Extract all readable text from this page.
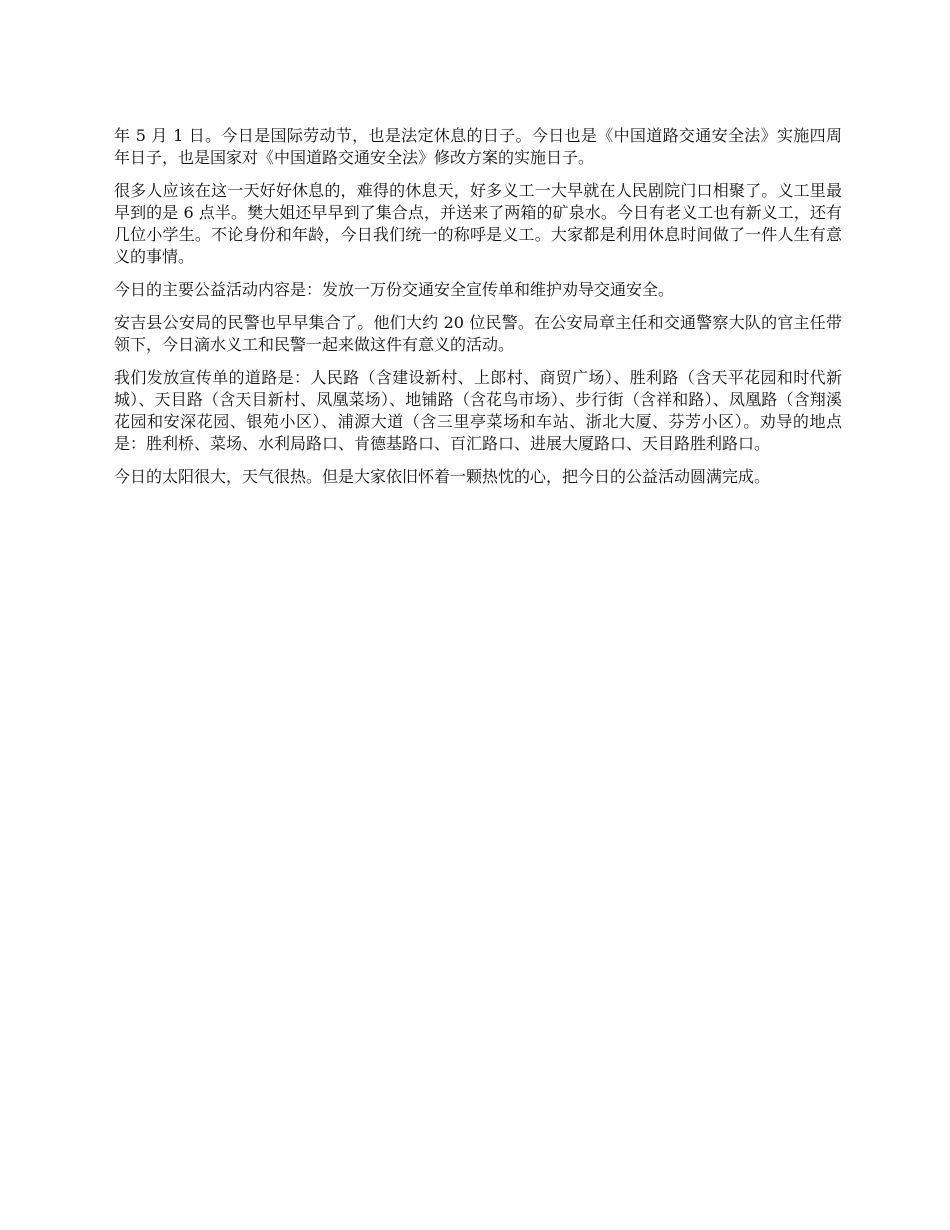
年 5 月 1 日。今日是国际劳动节，也是法定休息的日子。今日也是《中国道路交通安全法》实施四周年日子，也是国家对《中国道路交通安全法》修改方案的实施日子。

很多人应该在这一天好好休息的，难得的休息天，好多义工一大早就在人民剧院门口相聚了。义工里最早到的是 6 点半。樊大姐还早早到了集合点，并送来了两箱的矿泉水。今日有老义工也有新义工，还有几位小学生。不论身份和年龄，今日我们统一的称呼是义工。大家都是利用休息时间做了一件人生有意义的事情。

今日的主要公益活动内容是：发放一万份交通安全宣传单和维护劝导交通安全。

安吉县公安局的民警也早早集合了。他们大约 20 位民警。在公安局章主任和交通警察大队的官主任带领下，今日滴水义工和民警一起来做这件有意义的活动。

我们发放宣传单的道路是：人民路（含建设新村、上郎村、商贸广场）、胜利路（含天平花园和时代新城）、天目路（含天目新村、凤凰菜场）、地铺路（含花鸟市场）、步行街（含祥和路）、凤凰路（含翔溪花园和安深花园、银苑小区）、浦源大道（含三里亭菜场和车站、浙北大厦、芬芳小区）。劝导的地点是：胜利桥、菜场、水利局路口、肯德基路口、百汇路口、进展大厦路口、天目路胜利路口。

今日的太阳很大，天气很热。但是大家依旧怀着一颗热忱的心，把今日的公益活动圆满完成。
